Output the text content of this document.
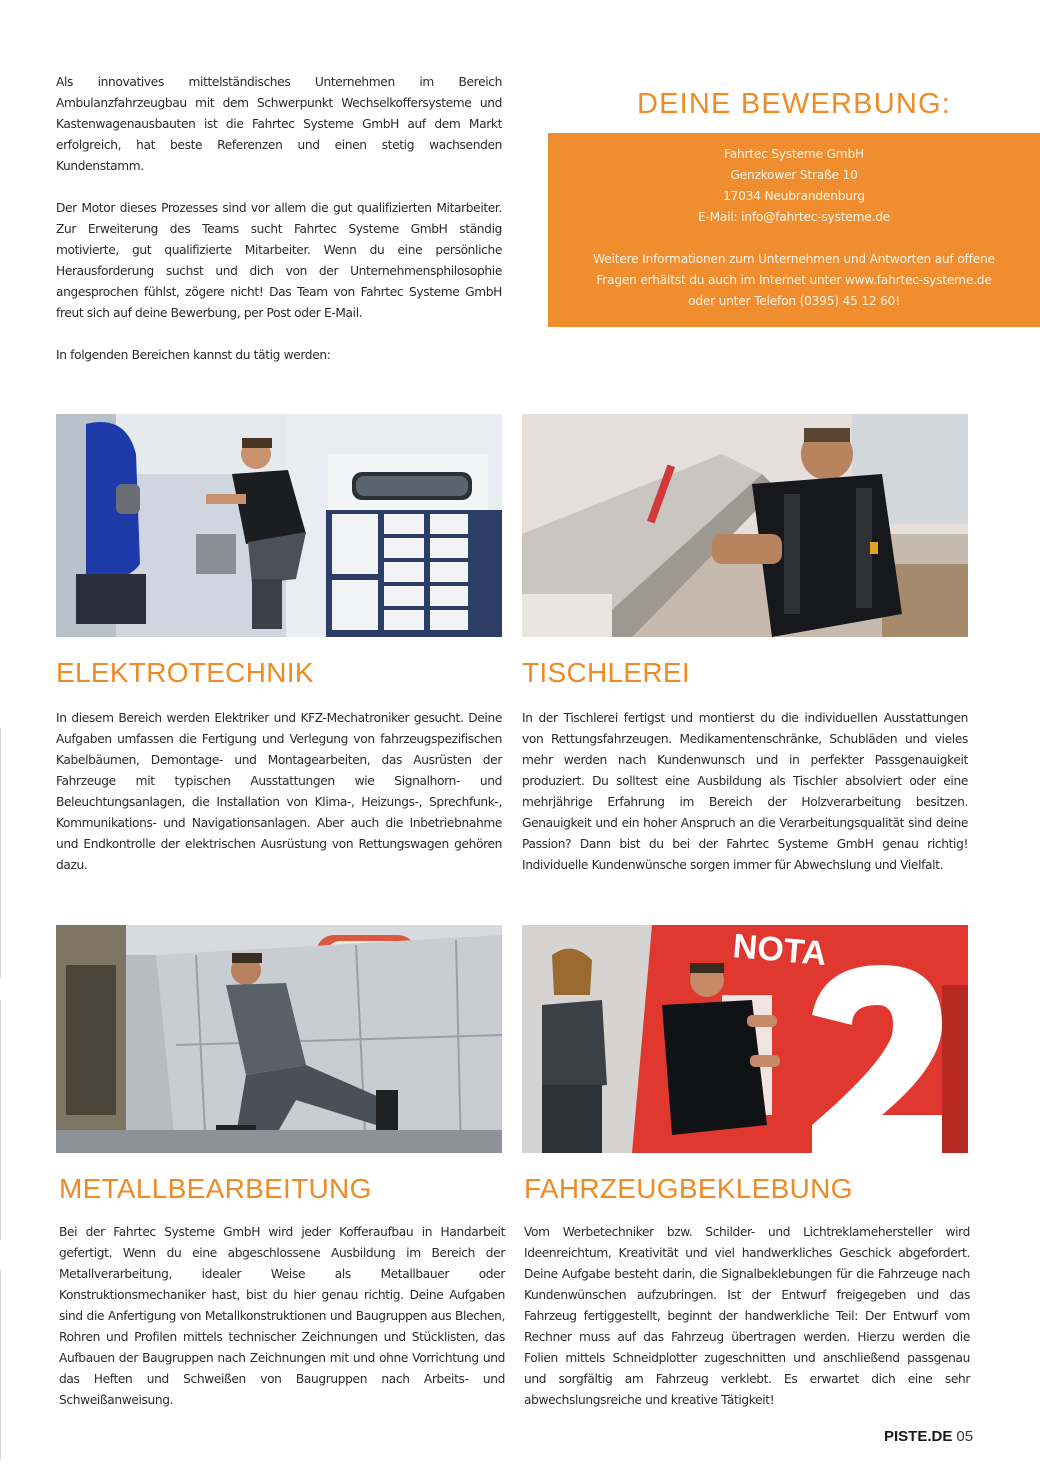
Als innovatives mittelständisches Unternehmen im Bereich Ambulanzfahrzeugbau mit dem Schwerpunkt Wechselkoffersysteme und Kastenwagenausbauten ist die Fahrtec Systeme GmbH auf dem Markt erfolgreich, hat beste Referenzen und einen stetig wachsenden Kundenstamm.

Der Motor dieses Prozesses sind vor allem die gut qualifizierten Mitarbeiter. Zur Erweiterung des Teams sucht Fahrtec Systeme GmbH ständig motivierte, gut qualifizierte Mitarbeiter. Wenn du eine persönliche Herausforderung suchst und dich von der Unternehmensphilosophie angesprochen fühlst, zögere nicht! Das Team von Fahrtec Systeme GmbH freut sich auf deine Bewerbung, per Post oder E-Mail.

In folgenden Bereichen kannst du tätig werden:

DEINE BEWERBUNG:
Fahrtec Systeme GmbH
Genzkower Straße 10
17034 Neubrandenburg
E-Mail: info@fahrtec-systeme.de
Weitere Informationen zum Unternehmen und Antworten auf offene
Fragen erhältst du auch im Internet unter www.fahrtec-systeme.de
oder unter Telefon (0395) 45 12 60!
ELEKTROTECHNIK

In diesem Bereich werden Elektriker und KFZ-Mechatroniker gesucht. Deine Aufgaben umfassen die Fertigung und Verlegung von fahrzeugspezifischen Kabelbäumen, Demontage- und Montagearbeiten, das Ausrüsten der Fahrzeuge mit typischen Ausstattungen wie Signalhorn- und Beleuchtungsanlagen, die Installation von Klima-, Heizungs-, Sprechfunk-, Kommunikations- und Navigationsanlagen. Aber auch die Inbetriebnahme und Endkontrolle der elektrischen Ausrüstung von Rettungswagen gehören dazu.

TISCHLEREI

In der Tischlerei fertigst und montierst du die individuellen Ausstattungen von Rettungsfahrzeugen. Medikamentenschränke, Schubläden und vieles mehr werden nach Kundenwunsch und in perfekter Passgenauigkeit produziert. Du solltest eine Ausbildung als Tischler absolviert oder eine mehrjährige Erfahrung im Bereich der Holzverarbeitung besitzen. Genauigkeit und ein hoher Anspruch an die Verarbeitungsqualität sind deine Passion? Dann bist du bei der Fahrtec Systeme GmbH genau richtig! Individuelle Kundenwünsche sorgen immer für Abwechslung und Vielfalt.

NOTA
METALLBEARBEITUNG

Bei der Fahrtec Systeme GmbH wird jeder Kofferaufbau in Handarbeit gefertigt. Wenn du eine abgeschlossene Ausbildung im Bereich der Metallverarbeitung, idealer Weise als Metallbauer oder Konstruktionsmechaniker hast, bist du hier genau richtig. Deine Aufgaben sind die Anfertigung von Metallkonstruktionen und Baugruppen aus Blechen, Rohren und Profilen mittels technischer Zeichnungen und Stücklisten, das Aufbauen der Baugruppen nach Zeichnungen mit und ohne Vorrichtung und das Heften und Schweißen von Baugruppen nach Arbeits- und Schweißanweisung.

FAHRZEUGBEKLEBUNG

Vom Werbetechniker bzw. Schilder- und Lichtreklamehersteller wird Ideenreichtum, Kreativität und viel handwerkliches Geschick abgefordert. Deine Aufgabe besteht darin, die Signalbeklebungen für die Fahrzeuge nach Kundenwünschen aufzubringen. Ist der Entwurf freigegeben und das Fahrzeug fertiggestellt, beginnt der handwerkliche Teil: Der Entwurf vom Rechner muss auf das Fahrzeug übertragen werden. Hierzu werden die Folien mittels Schneidplotter zugeschnitten und anschließend passgenau und sorgfältig am Fahrzeug verklebt. Es erwartet dich eine sehr abwechslungsreiche und kreative Tätigkeit!

PISTE.DE 05
